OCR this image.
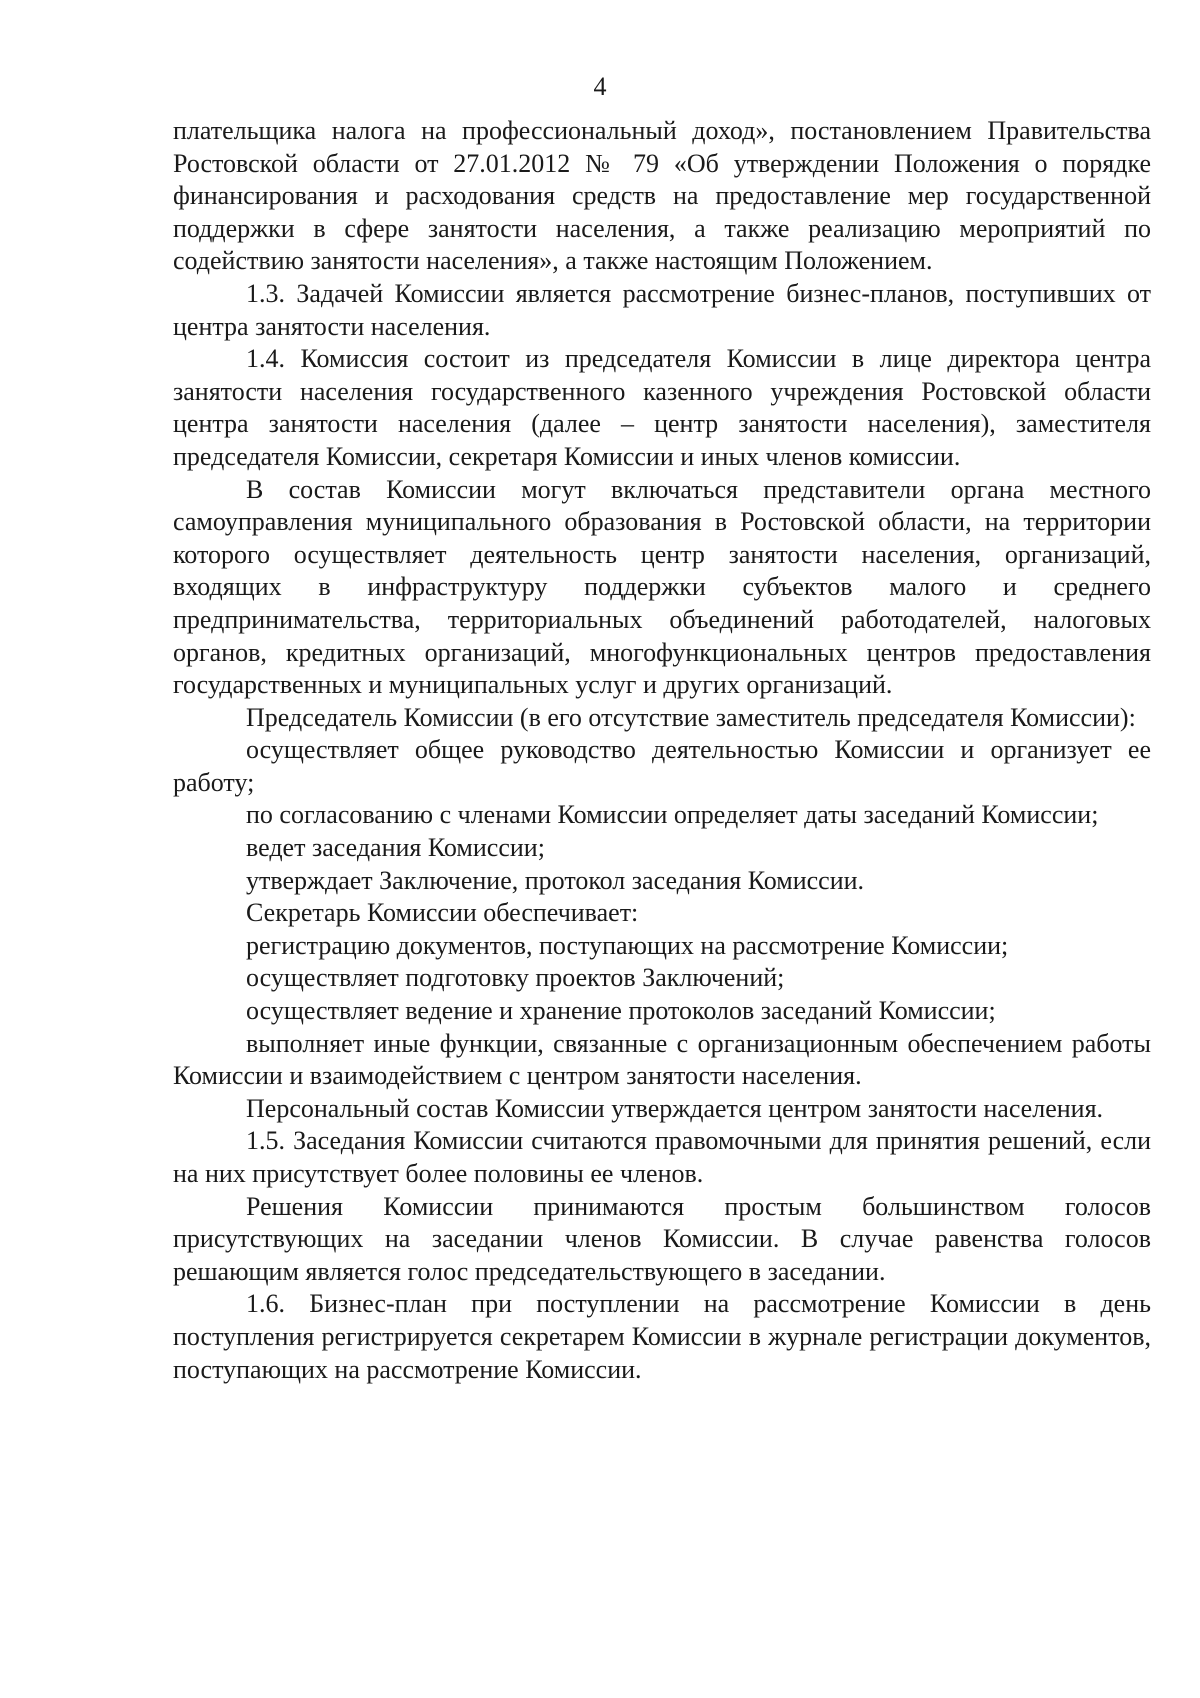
4

плательщика налога на профессиональный доход», постановлением Правительства Ростовской области от 27.01.2012 № 79 «Об утверждении Положения о порядке финансирования и расходования средств на предоставление мер государственной поддержки в сфере занятости населения, а также реализацию мероприятий по содействию занятости населения», а также настоящим Положением.

1.3. Задачей Комиссии является рассмотрение бизнес-планов, поступивших от центра занятости населения.

1.4. Комиссия состоит из председателя Комиссии в лице директора центра занятости населения государственного казенного учреждения Ростовской области центра занятости населения (далее – центр занятости населения), заместителя председателя Комиссии, секретаря Комиссии и иных членов комиссии.

В состав Комиссии могут включаться представители органа местного самоуправления муниципального образования в Ростовской области, на территории которого осуществляет деятельность центр занятости населения, организаций, входящих в инфраструктуру поддержки субъектов малого и среднего предпринимательства, территориальных объединений работодателей, налоговых органов, кредитных организаций, многофункциональных центров предоставления государственных и муниципальных услуг и других организаций.

Председатель Комиссии (в его отсутствие заместитель председателя Комиссии):

осуществляет общее руководство деятельностью Комиссии и организует ее работу;

по согласованию с членами Комиссии определяет даты заседаний Комиссии;

ведет заседания Комиссии;

утверждает Заключение, протокол заседания Комиссии.

Секретарь Комиссии обеспечивает:

регистрацию документов, поступающих на рассмотрение Комиссии;

осуществляет подготовку проектов Заключений;

осуществляет ведение и хранение протоколов заседаний Комиссии;

выполняет иные функции, связанные с организационным обеспечением работы Комиссии и взаимодействием с центром занятости населения.

Персональный состав Комиссии утверждается центром занятости населения.

1.5. Заседания Комиссии считаются правомочными для принятия решений, если на них присутствует более половины ее членов.

Решения Комиссии принимаются простым большинством голосов присутствующих на заседании членов Комиссии. В случае равенства голосов решающим является голос председательствующего в заседании.

1.6. Бизнес-план при поступлении на рассмотрение Комиссии в день поступления регистрируется секретарем Комиссии в журнале регистрации документов, поступающих на рассмотрение Комиссии.
